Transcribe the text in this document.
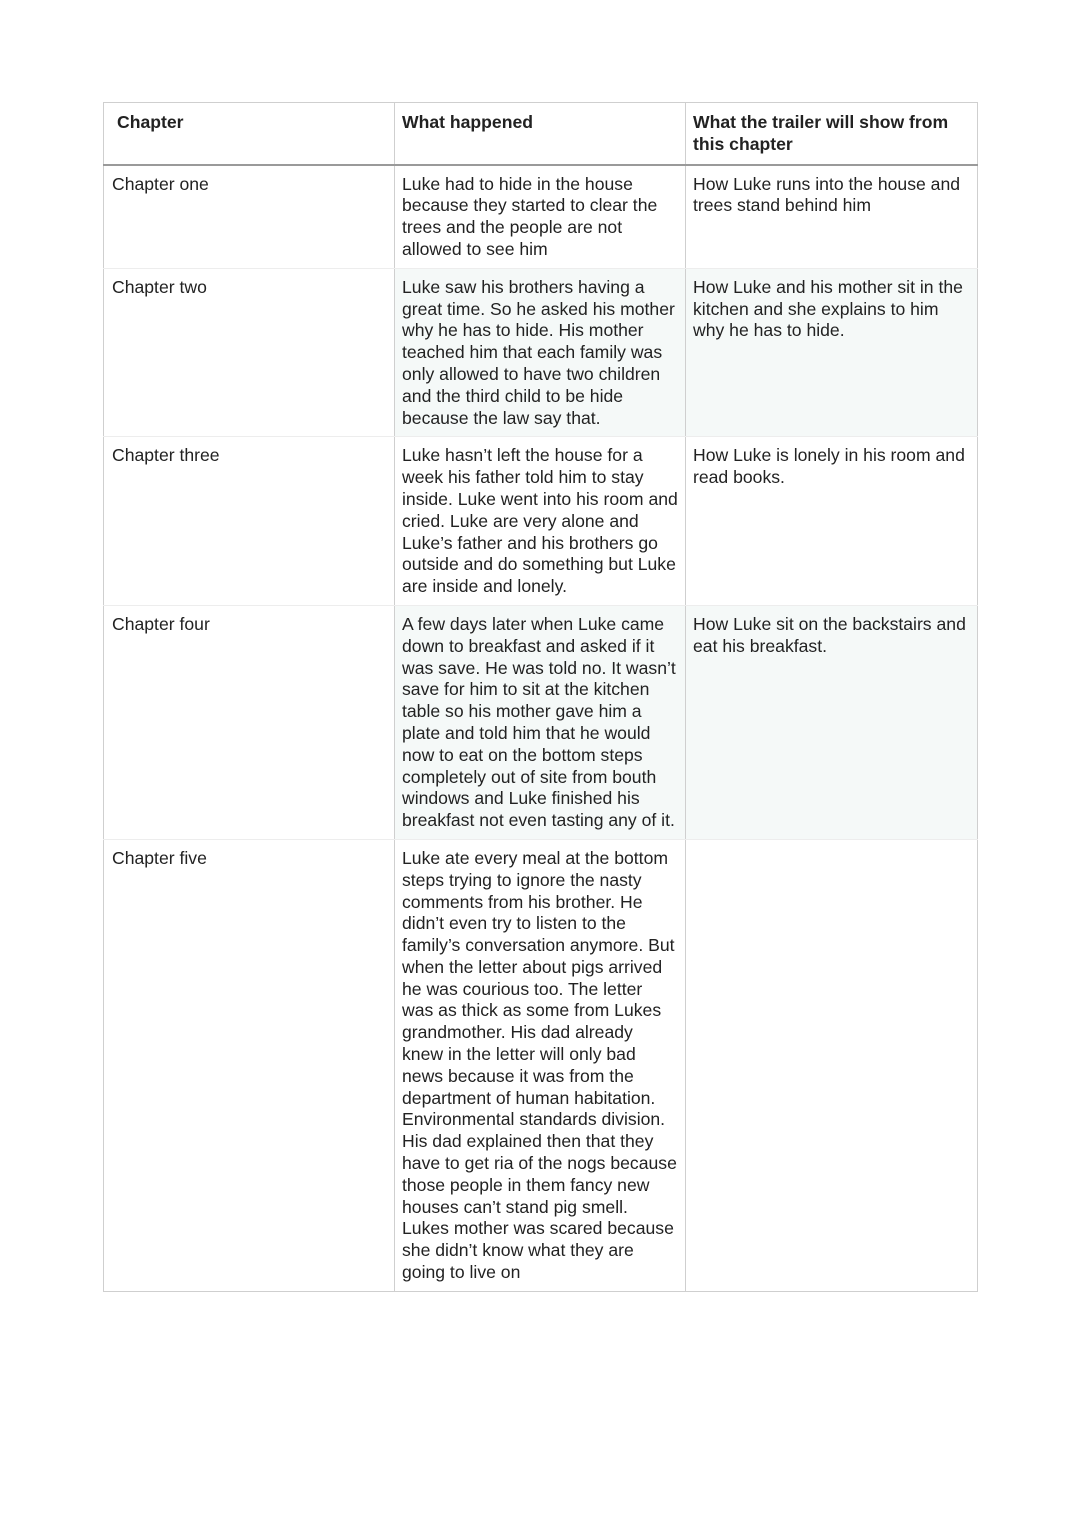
Chapter	What happened	What the trailer will show from this chapter
Chapter one	Luke had to hide in the house because they started to clear the trees and the people are not allowed to see him	How Luke runs into the house and trees stand behind him
Chapter two	Luke saw his brothers having a great time. So he asked his mother why he has to hide. His mother teached him that each family was only allowed to have two children and the third child to be hide because the law say that.	How Luke and his mother sit in the kitchen and she explains to him why he has to hide.
Chapter three	Luke hasn’t left the house for a week his father told him to stay inside. Luke went into his room and cried. Luke are very alone and Luke’s father and his brothers go outside and do something but Luke are inside and lonely.	How Luke is lonely in his room and read books.
Chapter four	A few days later when Luke came down to breakfast and asked if it was save. He was told no. It wasn’t save for him to sit at the kitchen table so his mother gave him a plate and told him that he would now to eat on the bottom steps completely out of site from bouth windows and Luke finished his breakfast not even tasting any of it.	How Luke sit on the backstairs and eat his breakfast.
Chapter five	Luke ate every meal at the bottom steps trying to ignore the nasty comments from his brother. He didn’t even try to listen to the family’s conversation anymore. But when the letter about pigs arrived he was courious too. The letter was as thick as some from Lukes grandmother. His dad already knew in the letter will only bad news because it was from the department of human habitation. Environmental standards division. His dad explained then that they have to get ria of the nogs because those people in them fancy new houses can’t stand pig smell. Lukes mother was scared because she didn’t know what they are going to live on	
